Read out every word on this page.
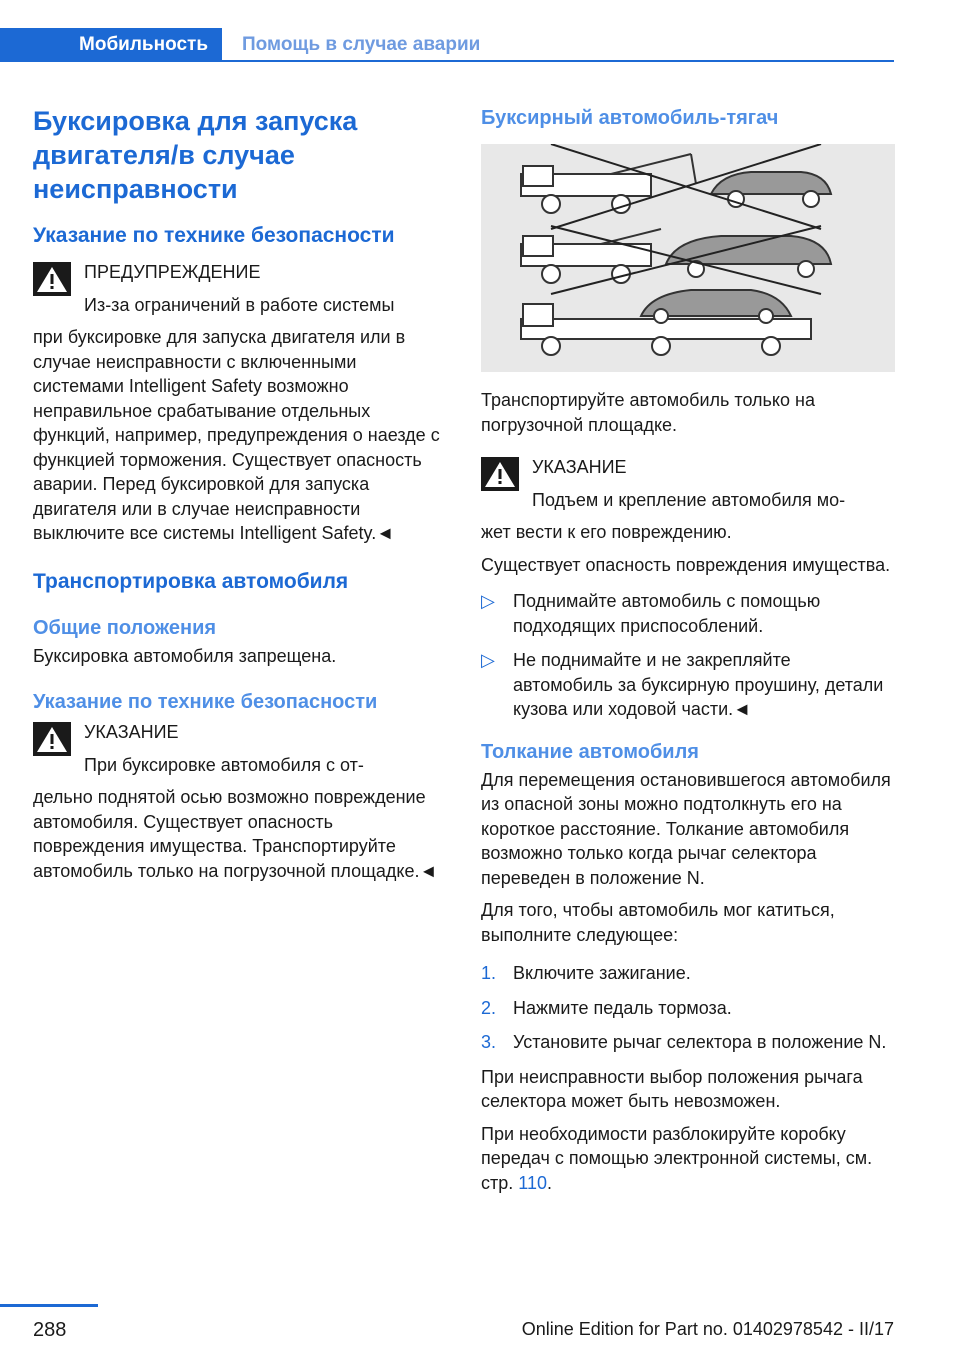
Мобильность	Помощь в случае аварии
Буксировка для запуска двигателя/в случае неисправности
Указание по технике безопасности
ПРЕДУПРЕЖДЕНИЕ
Из-за ограничений в работе системы

при буксировке для запуска двигателя или в случае неисправности с включенными системами Intelligent Safety возможно неправильное срабатывание отдельных функций, например, предупреждения о наезде с функцией торможения. Существует опасность аварии. Перед буксировкой для запуска двигателя или в случае неисправности выключите все системы Intelligent Safety.◄

Транспортировка автомобиля
Общие положения

Буксировка автомобиля запрещена.

Указание по технике безопасности
УКАЗАНИЕ
При буксировке автомобиля с от-

дельно поднятой осью возможно повреждение автомобиля. Существует опасность повреждения имущества. Транспортируйте автомобиль только на погрузочной площадке.◄

Буксирный автомобиль-тягач

Транспортируйте автомобиль только на погрузочной площадке.

УКАЗАНИЕ
Подъем и крепление автомобиля мо-

жет вести к его повреждению.

Существует опасность повреждения имущества.

▷	Поднимайте автомобиль с помощью подходящих приспособлений.
▷	Не поднимайте и не закрепляйте автомобиль за буксирную проушину, детали кузова или ходовой части.◄
Толкание автомобиля

Для перемещения остановившегося автомобиля из опасной зоны можно подтолкнуть его на короткое расстояние. Толкание автомобиля возможно только когда рычаг селектора переведен в положение N.

Для того, чтобы автомобиль мог катиться, выполните следующее:

1. Включите зажигание.
2. Нажмите педаль тормоза.
3. Установите рычаг селектора в положение N.

При неисправности выбор положения рычага селектора может быть невозможен.

При необходимости разблокируйте коробку передач с помощью электронной системы, см. стр. 110.

288	Online Edition for Part no. 01402978542 - II/17
